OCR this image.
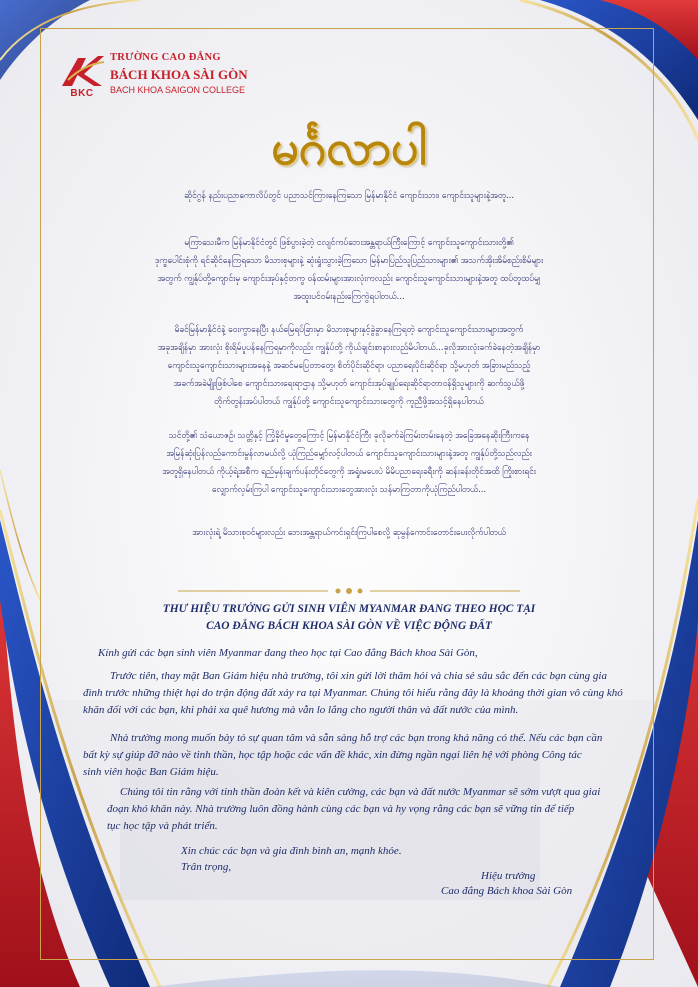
BKC
TRƯỜNG CAO ĐẲNG
BÁCH KHOA SÀI GÒN
BACH KHOA SAIGON COLLEGE
မင်္ဂလာပါ
ဆိုင်ဂွန် နည်းပညာကောလိပ်တွင် ပညာသင်ကြားနေကြသော မြန်မာနိုင်ငံ ကျောင်းသား၊ ကျောင်းသူများနဲ့အတူ...
မကြာသေးမီက မြန်မာနိုင်ငံတွင် ဖြစ်ပွားခဲ့တဲ့ ငလျင်ကပ်ဘေးအန္တရာယ်ကြီးကြောင့် ကျောင်းသူကျောင်းသားတို့၏
ဒုက္ခပေါင်းစုံကို ရင်ဆိုင်နေကြရသော မိသားစုများနဲ့ ဆုံးရှုံးသွားခဲ့ကြသော မြန်မာပြည်သူပြည်သားများ၏ အသက်အိုးအိမ်စည်းစိမ်များ
အတွက် ကျွန်ုပ်တို့ကျောင်းမှ ကျောင်းအုပ်နှင့်တကွ ဝန်ထမ်းများအားလုံးကလည်း ကျောင်းသူကျောင်းသားများနဲ့အတူ ထပ်တူထပ်မျှ
အထူးပင်ဝမ်းနည်းကြေကွဲရပါတယ်...
မိခင်မြန်မာနိုင်ငံနဲ့ ဝေးကွာနေပြီး နယ်မြေရပ်ခြားမှာ မိသားစုများနှင့်ခွဲခွာနေကြရတဲ့ ကျောင်းသူကျောင်းသားများအတွက်
အခုအချိန်မှာ အားလုံး စိုးရိမ်ပူပန်နေကြရမှာကိုလည်း ကျွန်ုပ်တို့ ကိုယ်ချင်းစာနားလည်မိပါတယ်...ခုလိုအားလုံးခက်ခဲနေတဲ့အချိန်မှာ
ကျောင်းသူကျောင်းသားများအနေနဲ့ အဆင်မပြေတာတွေ၊ စိတ်ပိုင်းဆိုင်ရာ၊ ပညာရေးပိုင်းဆိုင်ရာ သို့မဟုတ် အခြားမည်သည့်
အခက်အခဲမျိုးဖြစ်ပါစေ ကျောင်းသားရေးရာဌာန သို့မဟုတ် ကျောင်းအုပ်ချုပ်ရေးဆိုင်ရာတာဝန်ရှိသူများကို ဆက်သွယ်ဖို့
တိုက်တွန်းအပ်ပါတယ် ကျွန်ုပ်တို့ ကျောင်းသူကျောင်းသားတွေကို ကူညီဖို့အသင့်ရှိနေပါတယ်
သင်တို့၏ သံယောဇဉ်၊ သတ္တိနှင့် ကြံ့ခိုင်မှုတွေကြောင့် မြန်မာနိုင်ငံကြီး ခုလိုခက်ခဲကြမ်းတမ်းနေတဲ့ အခြေအနေဆိုးကြီးကနေ
အမြန်ဆုံးပြန်လည်ကောင်းမွန်လာမယ်လို့ ယုံကြည်မျှော်လင့်ပါတယ် ကျောင်းသူကျောင်းသားများနဲ့အတူ ကျွန်ုပ်တို့သည်လည်း
အတူရှိနေပါတယ် ကိုယ့်ရဲ့အစီက ရည်မှန်းချက်ပန်းတိုင်တွေကို အရှုံးမပေးပဲ မိမိပညာရေးခရီးကို ဆန်းခန်းတိုင်အထိ ကြိုးစားရင်း
လျှောက်လှမ်းကြပါ ကျောင်းသူကျောင်းသားတွေအားလုံး သန်မာကြတာကိုယုံကြည်ပါတယ်...
အားလုံးရဲ့ မိသားစုဝင်များလည်း ဘေးအန္တရာယ်ကင်းရှင်းကြပါစေလို့ ဆုမွန်ကောင်းတောင်းပေးလိုက်ပါတယ်
THƯ HIỆU TRƯỞNG GỬI SINH VIÊN MYANMAR ĐANG THEO HỌC TẠI
CAO ĐẲNG BÁCH KHOA SÀI GÒN VỀ VIỆC ĐỘNG ĐẤT
Kính gửi các bạn sinh viên Myanmar đang theo học tại Cao đẳng Bách khoa Sài Gòn,
Trước tiên, thay mặt Ban Giám hiệu nhà trường, tôi xin gửi lời thăm hỏi và chia sẻ sâu sắc đến các bạn cùng gia
đình trước những thiệt hại do trận động đất xảy ra tại Myanmar. Chúng tôi hiểu rằng đây là khoảng thời gian vô cùng khó
khăn đối với các bạn, khi phải xa quê hương mà vẫn lo lắng cho người thân và đất nước của mình.
Nhà trường mong muốn bày tỏ sự quan tâm và sẵn sàng hỗ trợ các bạn trong khả năng có thể. Nếu các bạn cần
bất kỳ sự giúp đỡ nào về tinh thần, học tập hoặc các vấn đề khác, xin đừng ngần ngại liên hệ với phòng Công tác
sinh viên hoặc Ban Giám hiệu.
Chúng tôi tin rằng với tinh thần đoàn kết và kiên cường, các bạn và đất nước Myanmar sẽ sớm vượt qua giai
đoạn khó khăn này. Nhà trường luôn đồng hành cùng các bạn và hy vọng rằng các bạn sẽ vững tin để tiếp
tục học tập và phát triển.
Xin chúc các bạn và gia đình bình an, mạnh khỏe.
Trân trọng,
Hiệu trưởng
Cao đẳng Bách khoa Sài Gòn
